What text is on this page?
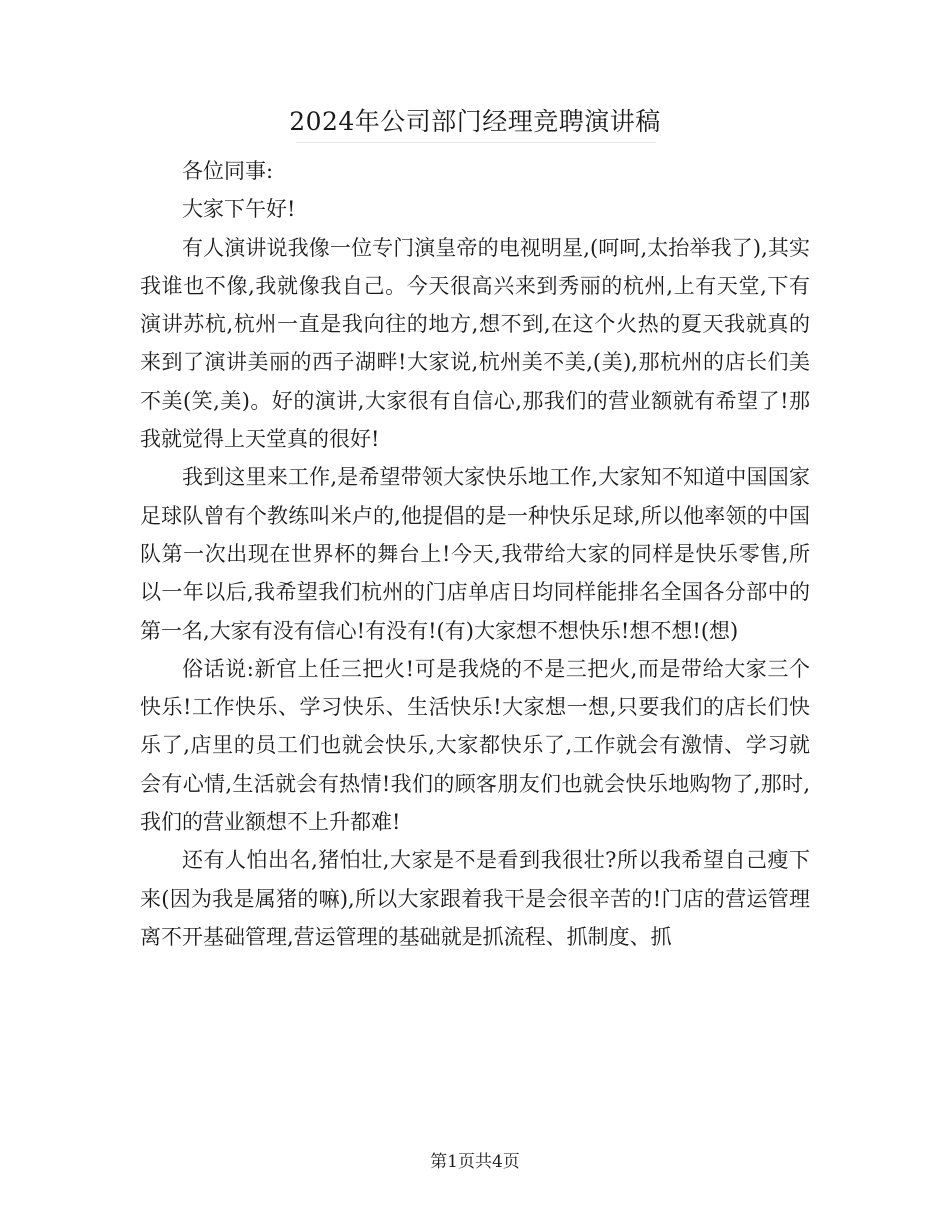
2024年公司部门经理竞聘演讲稿

各位同事:

大家下午好!

有人演讲说我像一位专门演皇帝的电视明星,(呵呵,太抬举我了),其实我谁也不像,我就像我自己。今天很高兴来到秀丽的杭州,上有天堂,下有演讲苏杭,杭州一直是我向往的地方,想不到,在这个火热的夏天我就真的来到了演讲美丽的西子湖畔!大家说,杭州美不美,(美),那杭州的店长们美不美(笑,美)。好的演讲,大家很有自信心,那我们的营业额就有希望了!那我就觉得上天堂真的很好!

我到这里来工作,是希望带领大家快乐地工作,大家知不知道中国国家足球队曾有个教练叫米卢的,他提倡的是一种快乐足球,所以他率领的中国队第一次出现在世界杯的舞台上!今天,我带给大家的同样是快乐零售,所以一年以后,我希望我们杭州的门店单店日均同样能排名全国各分部中的第一名,大家有没有信心!有没有!(有)大家想不想快乐!想不想!(想)

俗话说:新官上任三把火!可是我烧的不是三把火,而是带给大家三个快乐!工作快乐、学习快乐、生活快乐!大家想一想,只要我们的店长们快乐了,店里的员工们也就会快乐,大家都快乐了,工作就会有激情、学习就会有心情,生活就会有热情!我们的顾客朋友们也就会快乐地购物了,那时,我们的营业额想不上升都难!

还有人怕出名,猪怕壮,大家是不是看到我很壮?所以我希望自己瘦下来(因为我是属猪的嘛),所以大家跟着我干是会很辛苦的!门店的营运管理离不开基础管理,营运管理的基础就是抓流程、抓制度、抓

第1页共4页
